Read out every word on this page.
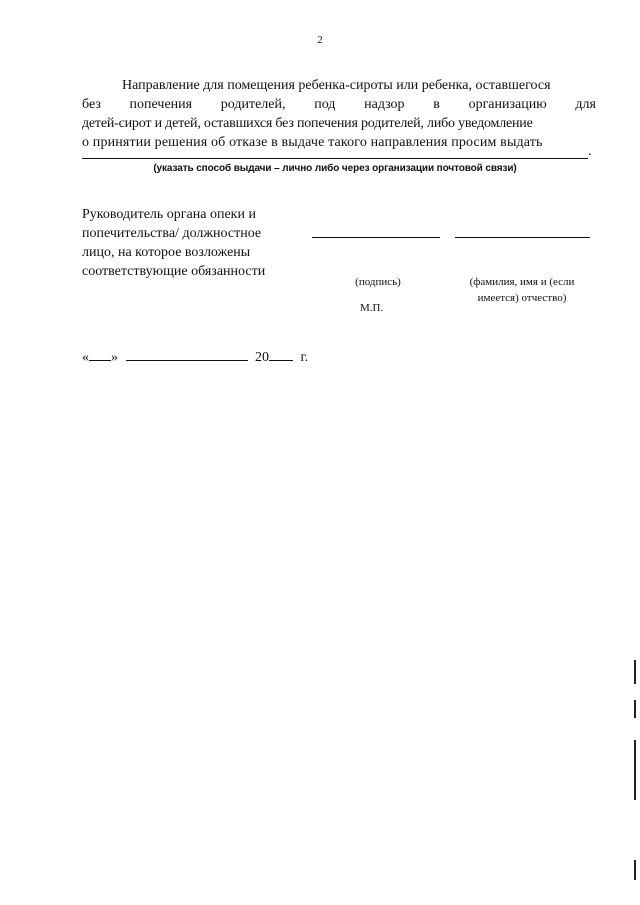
2
Направление для помещения ребенка-сироты или ребенка, оставшегося
без попечения родителей, под надзор в организацию для
детей-сирот и детей, оставшихся без попечения родителей, либо уведомление
о принятии решения об отказе в выдаче такого направления просим выдать
.
(указать способ выдачи – лично либо через организации почтовой связи)
Руководитель органа опеки и
попечительства/ должностное
лицо, на которое возложены
соответствующие обязанности
(подпись)	(фамилия, имя и (если
имеется) отчество)
М.П.
« »	20 г.
